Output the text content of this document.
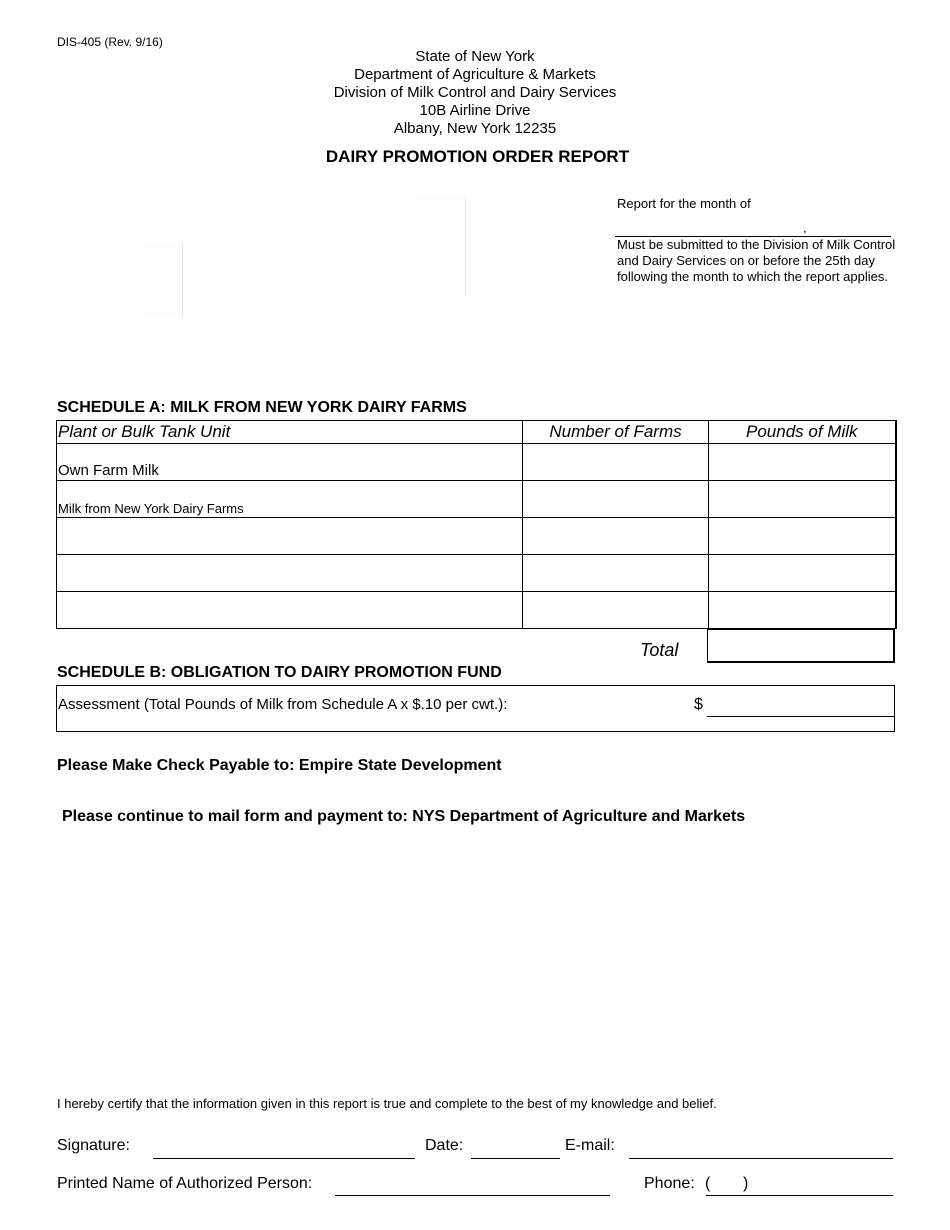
DIS-405 (Rev. 9/16)
State of New York
Department of Agriculture & Markets
Division of Milk Control and Dairy Services
10B Airline Drive
Albany, New York 12235
DAIRY PROMOTION ORDER REPORT
Report for the month of
,
Must be submitted to the Division of Milk Control and Dairy Services on or before the 25th day following the month to which the report applies.
SCHEDULE A: MILK FROM NEW YORK DAIRY FARMS
Plant or Bulk Tank Unit	Number of Farms	Pounds of Milk
Own Farm Milk		
Milk from New York Dairy Farms		

Total
SCHEDULE B: OBLIGATION TO DAIRY PROMOTION FUND
Assessment (Total Pounds of Milk from Schedule A x $.10 per cwt.):	$
Please Make Check Payable to: Empire State Development
Please continue to mail form and payment to: NYS Department of Agriculture and Markets
I hereby certify that the information given in this report is true and complete to the best of my knowledge and belief.
Signature:	Date:	E-mail:
Printed Name of Authorized Person:	Phone: ( )
